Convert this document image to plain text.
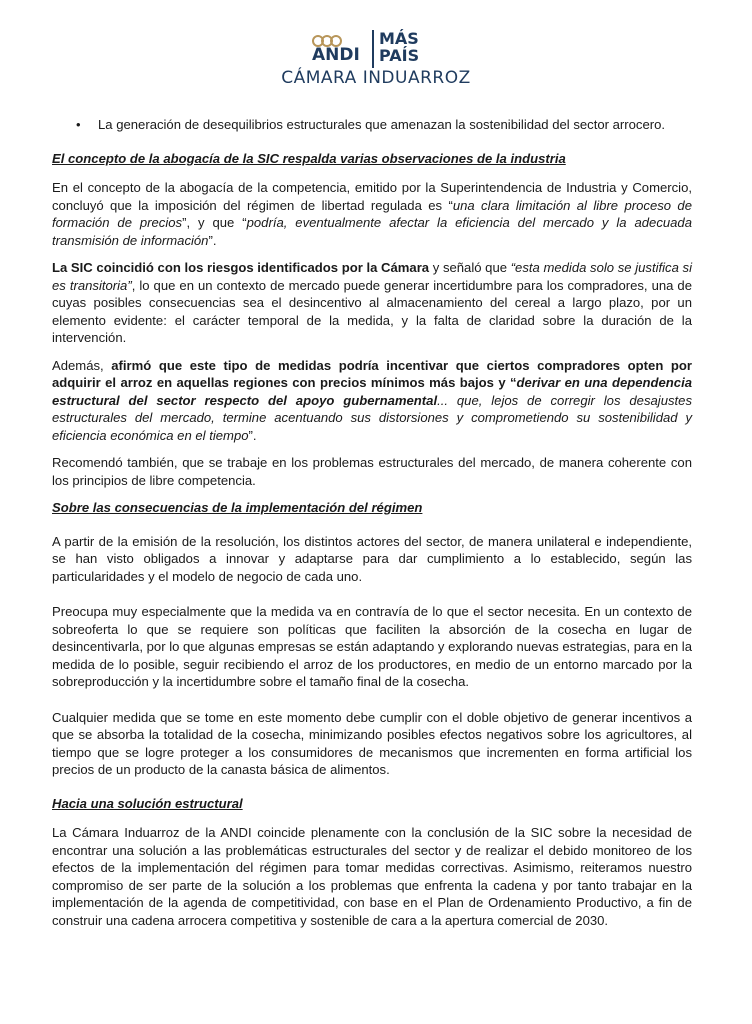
ANDI
MÁS
PAÍS
CÁMARA INDUARROZ
•	La generación de desequilibrios estructurales que amenazan la sostenibilidad del sector arrocero.

El concepto de la abogacía de la SIC respalda varias observaciones de la industria

En el concepto de la abogacía de la competencia, emitido por la Superintendencia de Industria y Comercio, concluyó que la imposición del régimen de libertad regulada es “una clara limitación al libre proceso de formación de precios”, y que “podría, eventualmente afectar la eficiencia del mercado y la adecuada transmisión de información”.

La SIC coincidió con los riesgos identificados por la Cámara y señaló que “esta medida solo se justifica si es transitoria”, lo que en un contexto de mercado puede generar incertidumbre para los compradores, una de cuyas posibles consecuencias sea el desincentivo al almacenamiento del cereal a largo plazo, por un elemento evidente: el carácter temporal de la medida, y la falta de claridad sobre la duración de la intervención.

Además, afirmó que este tipo de medidas podría incentivar que ciertos compradores opten por adquirir el arroz en aquellas regiones con precios mínimos más bajos y “derivar en una dependencia estructural del sector respecto del apoyo gubernamental... que, lejos de corregir los desajustes estructurales del mercado, termine acentuando sus distorsiones y comprometiendo su sostenibilidad y eficiencia económica en el tiempo”.

Recomendó también, que se trabaje en los problemas estructurales del mercado, de manera coherente con los principios de libre competencia.

Sobre las consecuencias de la implementación del régimen

A partir de la emisión de la resolución, los distintos actores del sector, de manera unilateral e independiente, se han visto obligados a innovar y adaptarse para dar cumplimiento a lo establecido, según las particularidades y el modelo de negocio de cada uno.

Preocupa muy especialmente que la medida va en contravía de lo que el sector necesita. En un contexto de sobreoferta lo que se requiere son políticas que faciliten la absorción de la cosecha en lugar de desincentivarla, por lo que algunas empresas se están adaptando y explorando nuevas estrategias, para en la medida de lo posible, seguir recibiendo el arroz de los productores, en medio de un entorno marcado por la sobreproducción y la incertidumbre sobre el tamaño final de la cosecha.

Cualquier medida que se tome en este momento debe cumplir con el doble objetivo de generar incentivos a que se absorba la totalidad de la cosecha, minimizando posibles efectos negativos sobre los agricultores, al tiempo que se logre proteger a los consumidores de mecanismos que incrementen en forma artificial los precios de un producto de la canasta básica de alimentos.

Hacia una solución estructural

La Cámara Induarroz de la ANDI coincide plenamente con la conclusión de la SIC sobre la necesidad de encontrar una solución a las problemáticas estructurales del sector y de realizar el debido monitoreo de los efectos de la implementación del régimen para tomar medidas correctivas. Asimismo, reiteramos nuestro compromiso de ser parte de la solución a los problemas que enfrenta la cadena y por tanto trabajar en la implementación de la agenda de competitividad, con base en el Plan de Ordenamiento Productivo, a fin de construir una cadena arrocera competitiva y sostenible de cara a la apertura comercial de 2030.
